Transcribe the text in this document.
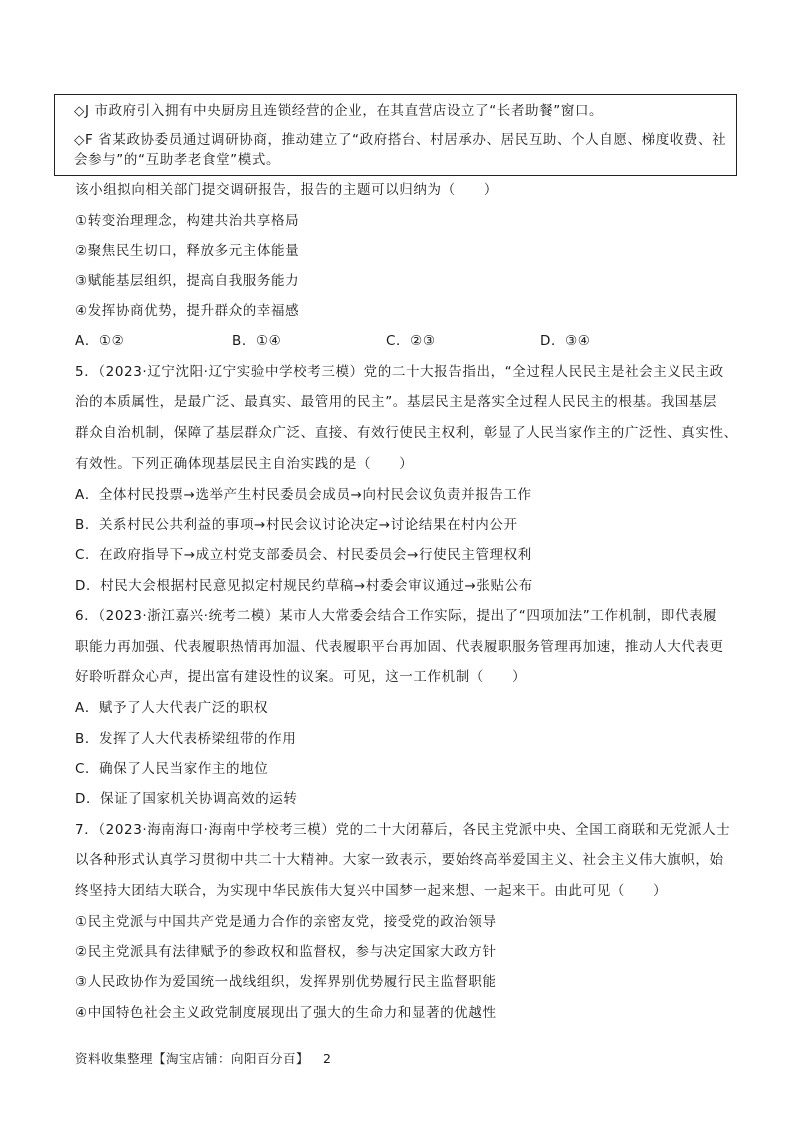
◇J 市政府引入拥有中央厨房且连锁经营的企业，在其直营店设立了“长者助餐”窗口。
◇F 省某政协委员通过调研协商，推动建立了“政府搭台、村居承办、居民互助、个人自愿、梯度收费、社
会参与”的“互助孝老食堂”模式。
该小组拟向相关部门提交调研报告，报告的主题可以归纳为（　　）
①转变治理理念，构建共治共享格局
②聚焦民生切口，释放多元主体能量
③赋能基层组织，提高自我服务能力
④发挥协商优势，提升群众的幸福感
A．①②	B．①④	C．②③	D．③④
5．（2023·辽宁沈阳·辽宁实验中学校考三模）党的二十大报告指出，“全过程人民民主是社会主义民主政
治的本质属性，是最广泛、最真实、最管用的民主”。基层民主是落实全过程人民民主的根基。我国基层
群众自治机制，保障了基层群众广泛、直接、有效行使民主权利，彰显了人民当家作主的广泛性、真实性、
有效性。下列正确体现基层民主自治实践的是（　　）
A．全体村民投票→选举产生村民委员会成员→向村民会议负责并报告工作
B．关系村民公共利益的事项→村民会议讨论决定→讨论结果在村内公开
C．在政府指导下→成立村党支部委员会、村民委员会→行使民主管理权利
D．村民大会根据村民意见拟定村规民约草稿→村委会审议通过→张贴公布
6．（2023·浙江嘉兴·统考二模）某市人大常委会结合工作实际，提出了“四项加法”工作机制，即代表履
职能力再加强、代表履职热情再加温、代表履职平台再加固、代表履职服务管理再加速，推动人大代表更
好聆听群众心声，提出富有建设性的议案。可见，这一工作机制（　　）
A．赋予了人大代表广泛的职权
B．发挥了人大代表桥梁纽带的作用
C．确保了人民当家作主的地位
D．保证了国家机关协调高效的运转
7．（2023·海南海口·海南中学校考三模）党的二十大闭幕后，各民主党派中央、全国工商联和无党派人士
以各种形式认真学习贯彻中共二十大精神。大家一致表示，要始终高举爱国主义、社会主义伟大旗帜，始
终坚持大团结大联合，为实现中华民族伟大复兴中国梦一起来想、一起来干。由此可见（　　）
①民主党派与中国共产党是通力合作的亲密友党，接受党的政治领导
②民主党派具有法律赋予的参政权和监督权，参与决定国家大政方针
③人民政协作为爱国统一战线组织，发挥界别优势履行民主监督职能
④中国特色社会主义政党制度展现出了强大的生命力和显著的优越性
资料收集整理【淘宝店铺：向阳百分百】 2
